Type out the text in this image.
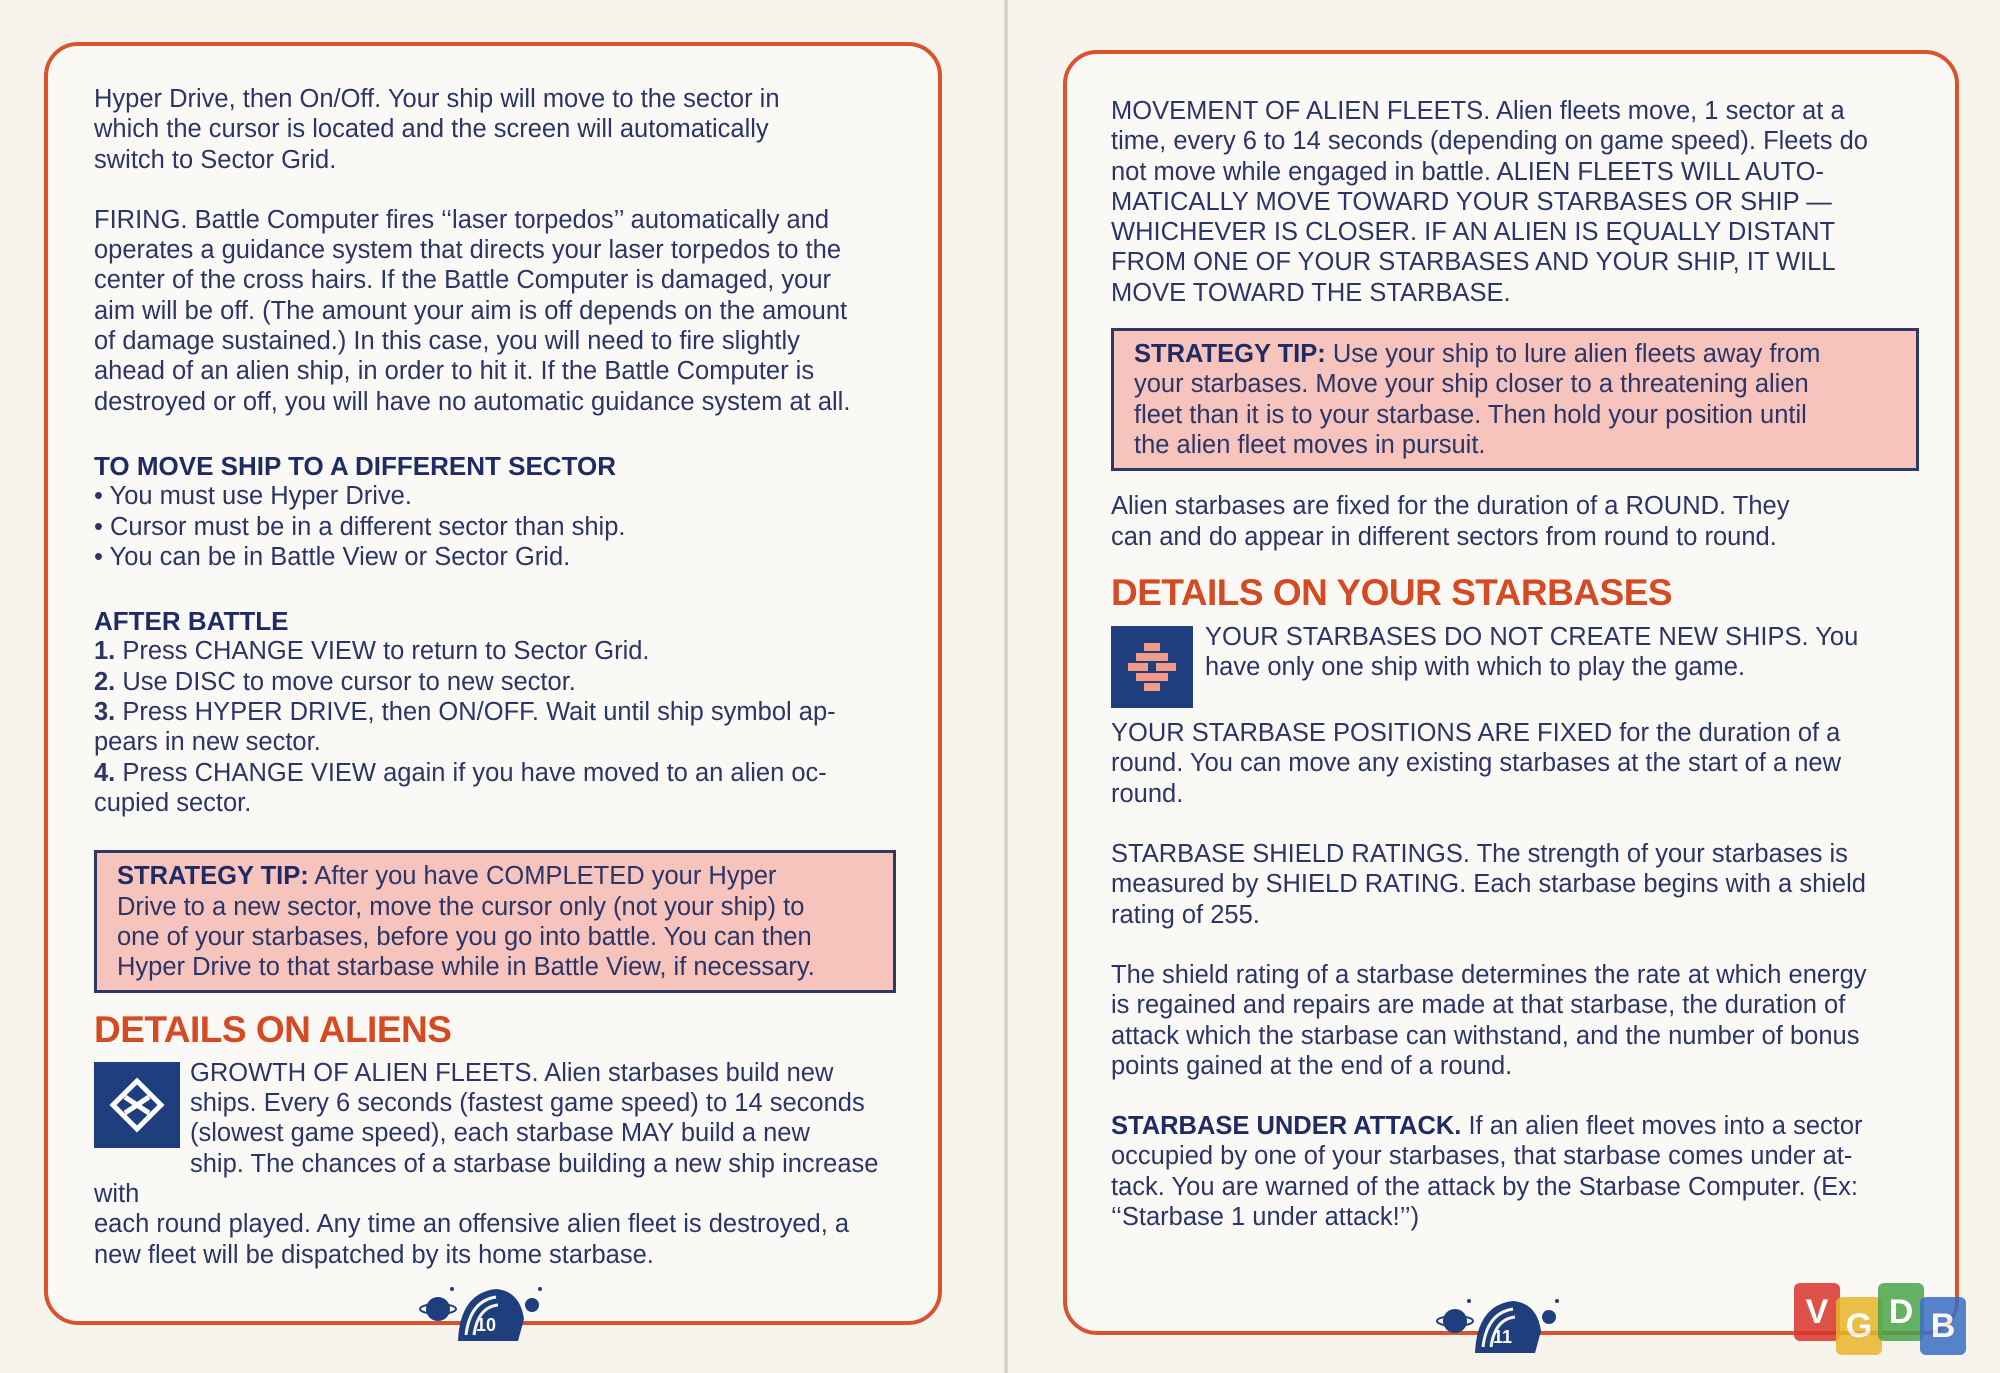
Hyper Drive, then On/Off. Your ship will move to the sector in
which the cursor is located and the screen will automatically
switch to Sector Grid.

FIRING. Battle Computer fires ‘‘laser torpedos’’ automatically and
operates a guidance system that directs your laser torpedos to the
center of the cross hairs. If the Battle Computer is damaged, your
aim will be off. (The amount your aim is off depends on the amount
of damage sustained.) In this case, you will need to fire slightly
ahead of an alien ship, in order to hit it. If the Battle Computer is
destroyed or off, you will have no automatic guidance system at all.

TO MOVE SHIP TO A DIFFERENT SECTOR

• You must use Hyper Drive.

• Cursor must be in a different sector than ship.

• You can be in Battle View or Sector Grid.

AFTER BATTLE

1. Press CHANGE VIEW to return to Sector Grid.

2. Use DISC to move cursor to new sector.

3. Press HYPER DRIVE, then ON/OFF. Wait until ship symbol ap-
pears in new sector.

4. Press CHANGE VIEW again if you have moved to an alien oc-
cupied sector.

STRATEGY TIP: After you have COMPLETED your Hyper
Drive to a new sector, move the cursor only (not your ship) to
one of your starbases, before you go into battle. You can then
Hyper Drive to that starbase while in Battle View, if necessary.

DETAILS ON ALIENS

GROWTH OF ALIEN FLEETS. Alien starbases build new
ships. Every 6 seconds (fastest game speed) to 14 seconds
(slowest game speed), each starbase MAY build a new
ship. The chances of a starbase building a new ship increase with
each round played. Any time an offensive alien fleet is destroyed, a
new fleet will be dispatched by its home starbase.

10

MOVEMENT OF ALIEN FLEETS. Alien fleets move, 1 sector at a
time, every 6 to 14 seconds (depending on game speed). Fleets do
not move while engaged in battle. ALIEN FLEETS WILL AUTO-
MATICALLY MOVE TOWARD YOUR STARBASES OR SHIP —
WHICHEVER IS CLOSER. IF AN ALIEN IS EQUALLY DISTANT
FROM ONE OF YOUR STARBASES AND YOUR SHIP, IT WILL
MOVE TOWARD THE STARBASE.

STRATEGY TIP: Use your ship to lure alien fleets away from
your starbases. Move your ship closer to a threatening alien
fleet than it is to your starbase. Then hold your position until
the alien fleet moves in pursuit.

Alien starbases are fixed for the duration of a ROUND. They
can and do appear in different sectors from round to round.

DETAILS ON YOUR STARBASES

YOUR STARBASES DO NOT CREATE NEW SHIPS. You
have only one ship with which to play the game.

YOUR STARBASE POSITIONS ARE FIXED for the duration of a
round. You can move any existing starbases at the start of a new
round.

STARBASE SHIELD RATINGS. The strength of your starbases is
measured by SHIELD RATING. Each starbase begins with a shield
rating of 255.

The shield rating of a starbase determines the rate at which energy
is regained and repairs are made at that starbase, the duration of
attack which the starbase can withstand, and the number of bonus
points gained at the end of a round.

STARBASE UNDER ATTACK. If an alien fleet moves into a sector
occupied by one of your starbases, that starbase comes under at-
tack. You are warned of the attack by the Starbase Computer. (Ex:
‘‘Starbase 1 under attack!’’)

11
V G D B
